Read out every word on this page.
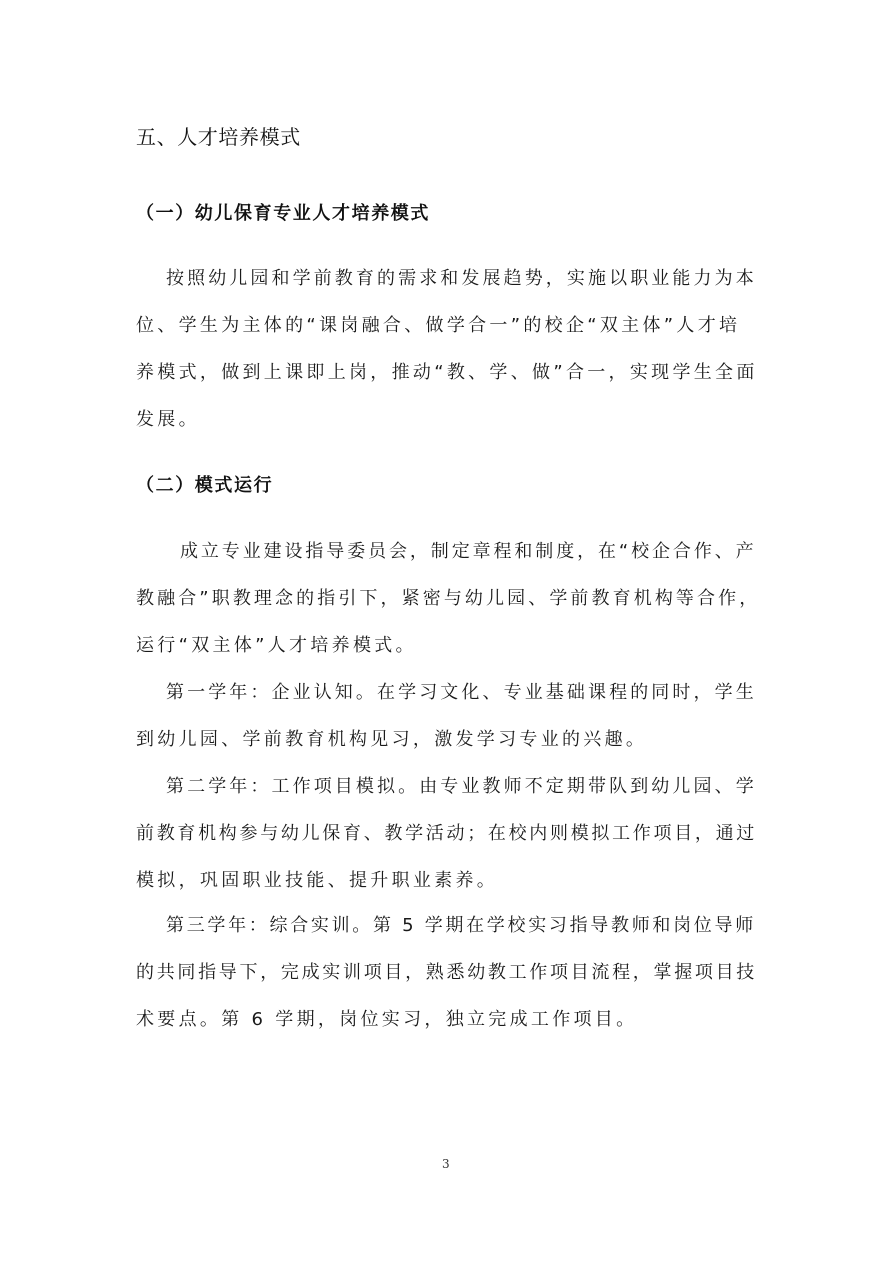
五、人才培养模式
（一）幼儿保育专业人才培养模式
按照幼儿园和学前教育的需求和发展趋势，实施以职业能力为本
位、学生为主体的“课岗融合、做学合一”的校企“双主体”人才培
养模式，做到上课即上岗，推动“教、学、做”合一，实现学生全面
发展。
（二）模式运行
成立专业建设指导委员会，制定章程和制度，在“校企合作、产
教融合”职教理念的指引下，紧密与幼儿园、学前教育机构等合作，
运行“双主体”人才培养模式。
第一学年：企业认知。在学习文化、专业基础课程的同时，学生
到幼儿园、学前教育机构见习，激发学习专业的兴趣。
第二学年：工作项目模拟。由专业教师不定期带队到幼儿园、学
前教育机构参与幼儿保育、教学活动；在校内则模拟工作项目，通过
模拟，巩固职业技能、提升职业素养。
第三学年：综合实训。第 5 学期在学校实习指导教师和岗位导师
的共同指导下，完成实训项目，熟悉幼教工作项目流程，掌握项目技
术要点。第 6 学期，岗位实习，独立完成工作项目。
3
